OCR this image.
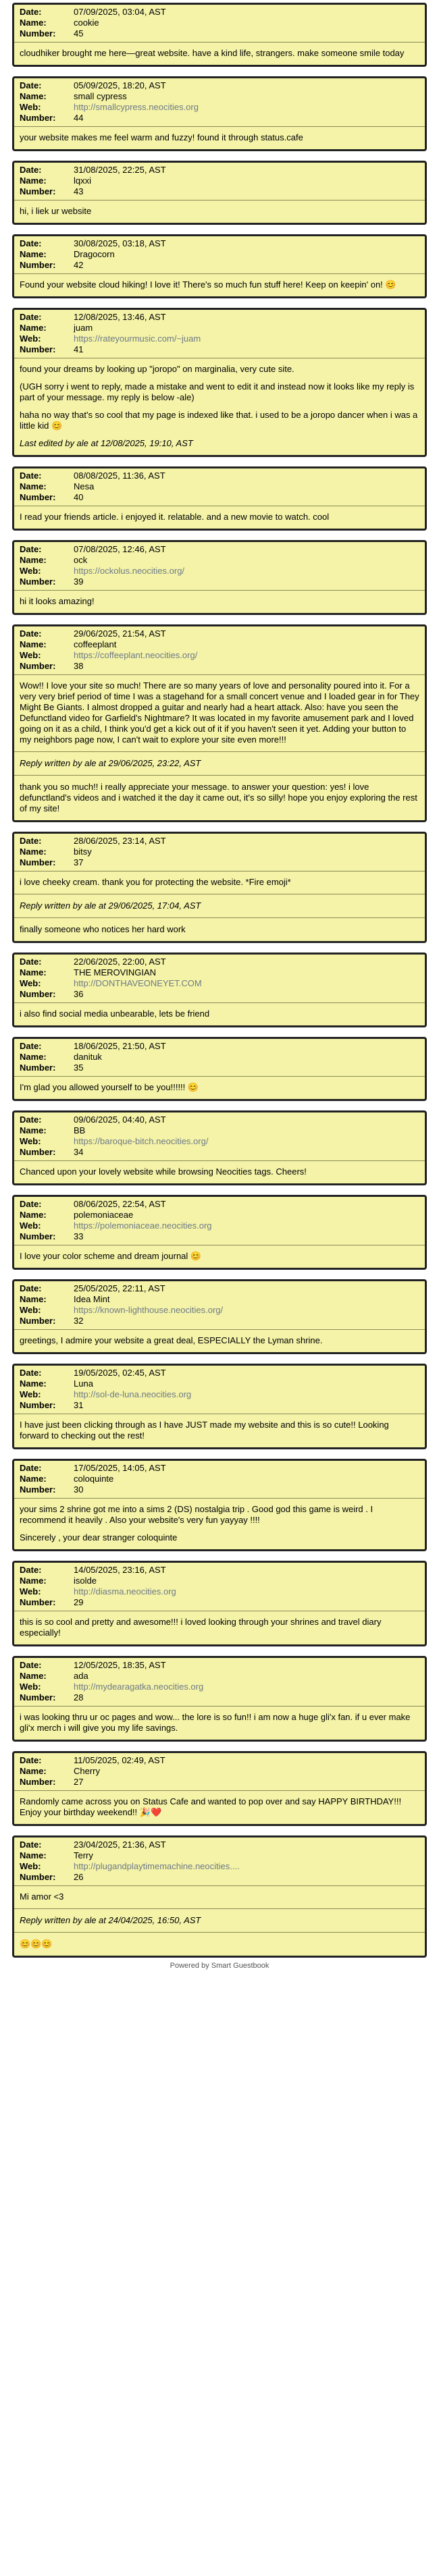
Date:	07/09/2025, 03:04, AST
Name:	cookie
Number:	45

cloudhiker brought me here—great website. have a kind life, strangers. make someone smile today

Date:	05/09/2025, 18:20, AST
Name:	small cypress
Web:	http://smallcypress.neocities.org
Number:	44

your website makes me feel warm and fuzzy! found it through status.cafe

Date:	31/08/2025, 22:25, AST
Name:	lqxxi
Number:	43

hi, i liek ur website

Date:	30/08/2025, 03:18, AST
Name:	Dragocorn
Number:	42

Found your website cloud hiking! I love it! There's so much fun stuff here! Keep on keepin' on! 😊

Date:	12/08/2025, 13:46, AST
Name:	juam
Web:	https://rateyourmusic.com/~juam
Number:	41

found your dreams by looking up "joropo" on marginalia, very cute site.

(UGH sorry i went to reply, made a mistake and went to edit it and instead now it looks like my reply is part of your message. my reply is below -ale)

haha no way that's so cool that my page is indexed like that. i used to be a joropo dancer when i was a little kid 😊

Last edited by ale at 12/08/2025, 19:10, AST

Date:	08/08/2025, 11:36, AST
Name:	Nesa
Number:	40

I read your friends article. i enjoyed it. relatable. and a new movie to watch. cool

Date:	07/08/2025, 12:46, AST
Name:	ock
Web:	https://ockolus.neocities.org/
Number:	39

hi it looks amazing!

Date:	29/06/2025, 21:54, AST
Name:	coffeeplant
Web:	https://coffeeplant.neocities.org/
Number:	38

Wow!! I love your site so much! There are so many years of love and personality poured into it. For a very very brief period of time I was a stagehand for a small concert venue and I loaded gear in for They Might Be Giants. I almost dropped a guitar and nearly had a heart attack. Also: have you seen the Defunctland video for Garfield's Nightmare? It was located in my favorite amusement park and I loved going on it as a child, I think you'd get a kick out of it if you haven't seen it yet. Adding your button to my neighbors page now, I can't wait to explore your site even more!!!

Reply written by ale at 29/06/2025, 23:22, AST

thank you so much!! i really appreciate your message. to answer your question: yes! i love defunctland's videos and i watched it the day it came out, it's so silly! hope you enjoy exploring the rest of my site!

Date:	28/06/2025, 23:14, AST
Name:	bitsy
Number:	37

i love cheeky cream. thank you for protecting the website. *Fire emoji*

Reply written by ale at 29/06/2025, 17:04, AST

finally someone who notices her hard work

Date:	22/06/2025, 22:00, AST
Name:	THE MEROVINGIAN
Web:	http://DONTHAVEONEYET.COM
Number:	36

i also find social media unbearable, lets be friend

Date:	18/06/2025, 21:50, AST
Name:	danituk
Number:	35

I'm glad you allowed yourself to be you!!!!!! 😊

Date:	09/06/2025, 04:40, AST
Name:	BB
Web:	https://baroque-bitch.neocities.org/
Number:	34

Chanced upon your lovely website while browsing Neocities tags. Cheers!

Date:	08/06/2025, 22:54, AST
Name:	polemoniaceae
Web:	https://polemoniaceae.neocities.org
Number:	33

I love your color scheme and dream journal 😊

Date:	25/05/2025, 22:11, AST
Name:	Idea Mint
Web:	https://known-lighthouse.neocities.org/
Number:	32

greetings, I admire your website a great deal, ESPECIALLY the Lyman shrine.

Date:	19/05/2025, 02:45, AST
Name:	Luna
Web:	http://sol-de-luna.neocities.org
Number:	31

I have just been clicking through as I have JUST made my website and this is so cute!! Looking forward to checking out the rest!

Date:	17/05/2025, 14:05, AST
Name:	coloquinte
Number:	30

your sims 2 shrine got me into a sims 2 (DS) nostalgia trip . Good god this game is weird . I recommend it heavily . Also your website's very fun yayyay !!!!

Sincerely , your dear stranger coloquinte

Date:	14/05/2025, 23:16, AST
Name:	isolde
Web:	http://diasma.neocities.org
Number:	29

this is so cool and pretty and awesome!!! i loved looking through your shrines and travel diary especially!

Date:	12/05/2025, 18:35, AST
Name:	ada
Web:	http://mydearagatka.neocities.org
Number:	28

i was looking thru ur oc pages and wow... the lore is so fun!! i am now a huge gli'x fan. if u ever make gli'x merch i will give you my life savings.

Date:	11/05/2025, 02:49, AST
Name:	Cherry
Number:	27

Randomly came across you on Status Cafe and wanted to pop over and say HAPPY BIRTHDAY!!! Enjoy your birthday weekend!! 🎉❤️

Date:	23/04/2025, 21:36, AST
Name:	Terry
Web:	http://plugandplaytimemachine.neocities....
Number:	26

Mi amor <3

Reply written by ale at 24/04/2025, 16:50, AST

😊😊😊

Powered by Smart Guestbook
